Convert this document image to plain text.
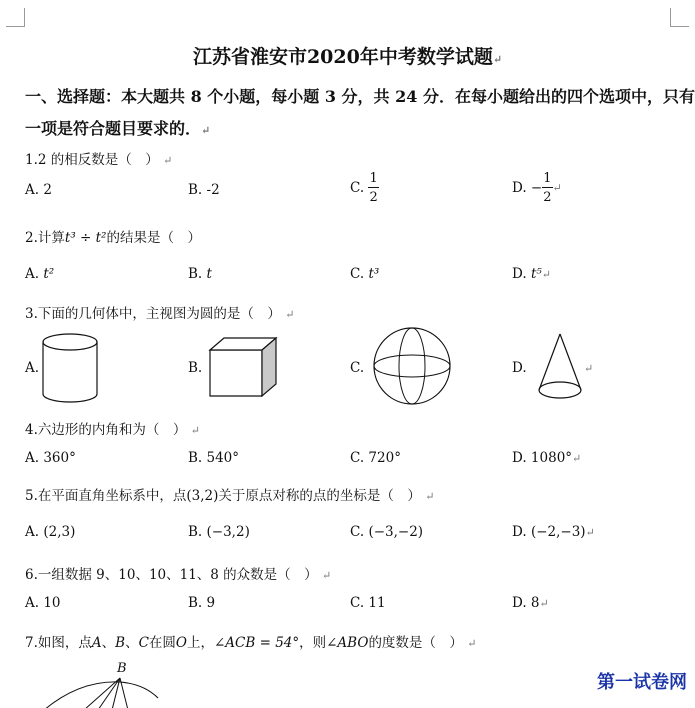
江苏省淮安市2020年中考数学试题↵
一、选择题：本大题共 8 个小题，每小题 3 分，共 24 分．在每小题给出的四个选项中，只有
一项是符合题目要求的．↵
1.2 的相反数是（　） ↵
A. 2	B. -2	C. $\frac{1}{2}$	D. − $\frac{1}{2}$ ↵
2.计算t³ ÷ t²的结果是（　）
A. t²	B. t	C. t³	D. t⁵↵
3.下面的几何体中，主视图为圆的是（　） ↵
A.	B.	C.	D.	↵
4.六边形的内角和为（　） ↵
A. 360°	B. 540°	C. 720°	D. 1080°↵
5.在平面直角坐标系中，点(3,2)关于原点对称的点的坐标是（　） ↵
A. (2,3)	B. (−3,2)	C. (−3,−2)	D. (−2,−3)↵
6.一组数据 9、10、10、11、8 的众数是（　） ↵
A. 10	B. 9	C. 11	D. 8↵
7.如图，点A、B、C在圆O上，∠ACB = 54°，则∠ABO的度数是（　） ↵
B
第一试卷网
